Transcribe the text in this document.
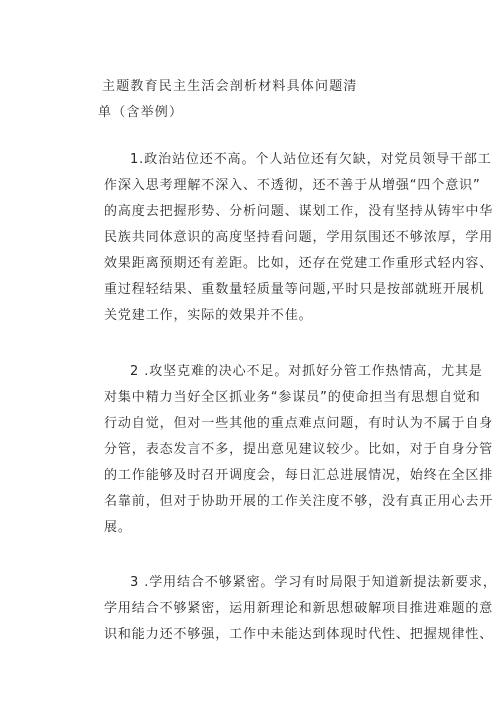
主题教育民主生活会剖析材料具体问题清
单（含举例）
1.政治站位还不高。个人站位还有欠缺，对党员领导干部工
作深入思考理解不深入、不透彻，还不善于从增强“四个意识”
的高度去把握形势、分析问题、谋划工作，没有坚持从铸牢中华
民族共同体意识的高度坚持看问题，学用氛围还不够浓厚，学用
效果距离预期还有差距。比如，还存在党建工作重形式轻内容、
重过程轻结果、重数量轻质量等问题,平时只是按部就班开展机
关党建工作，实际的效果并不佳。
2 .攻坚克难的决心不足。对抓好分管工作热情高，尤其是
对集中精力当好全区抓业务“参谋员”的使命担当有思想自觉和
行动自觉，但对一些其他的重点难点问题，有时认为不属于自身
分管，表态发言不多，提出意见建议较少。比如，对于自身分管
的工作能够及时召开调度会，每日汇总进展情况，始终在全区排
名靠前，但对于协助开展的工作关注度不够，没有真正用心去开
展。
3 .学用结合不够紧密。学习有时局限于知道新提法新要求，
学用结合不够紧密，运用新理论和新思想破解项目推进难题的意
识和能力还不够强，工作中未能达到体现时代性、把握规律性、
